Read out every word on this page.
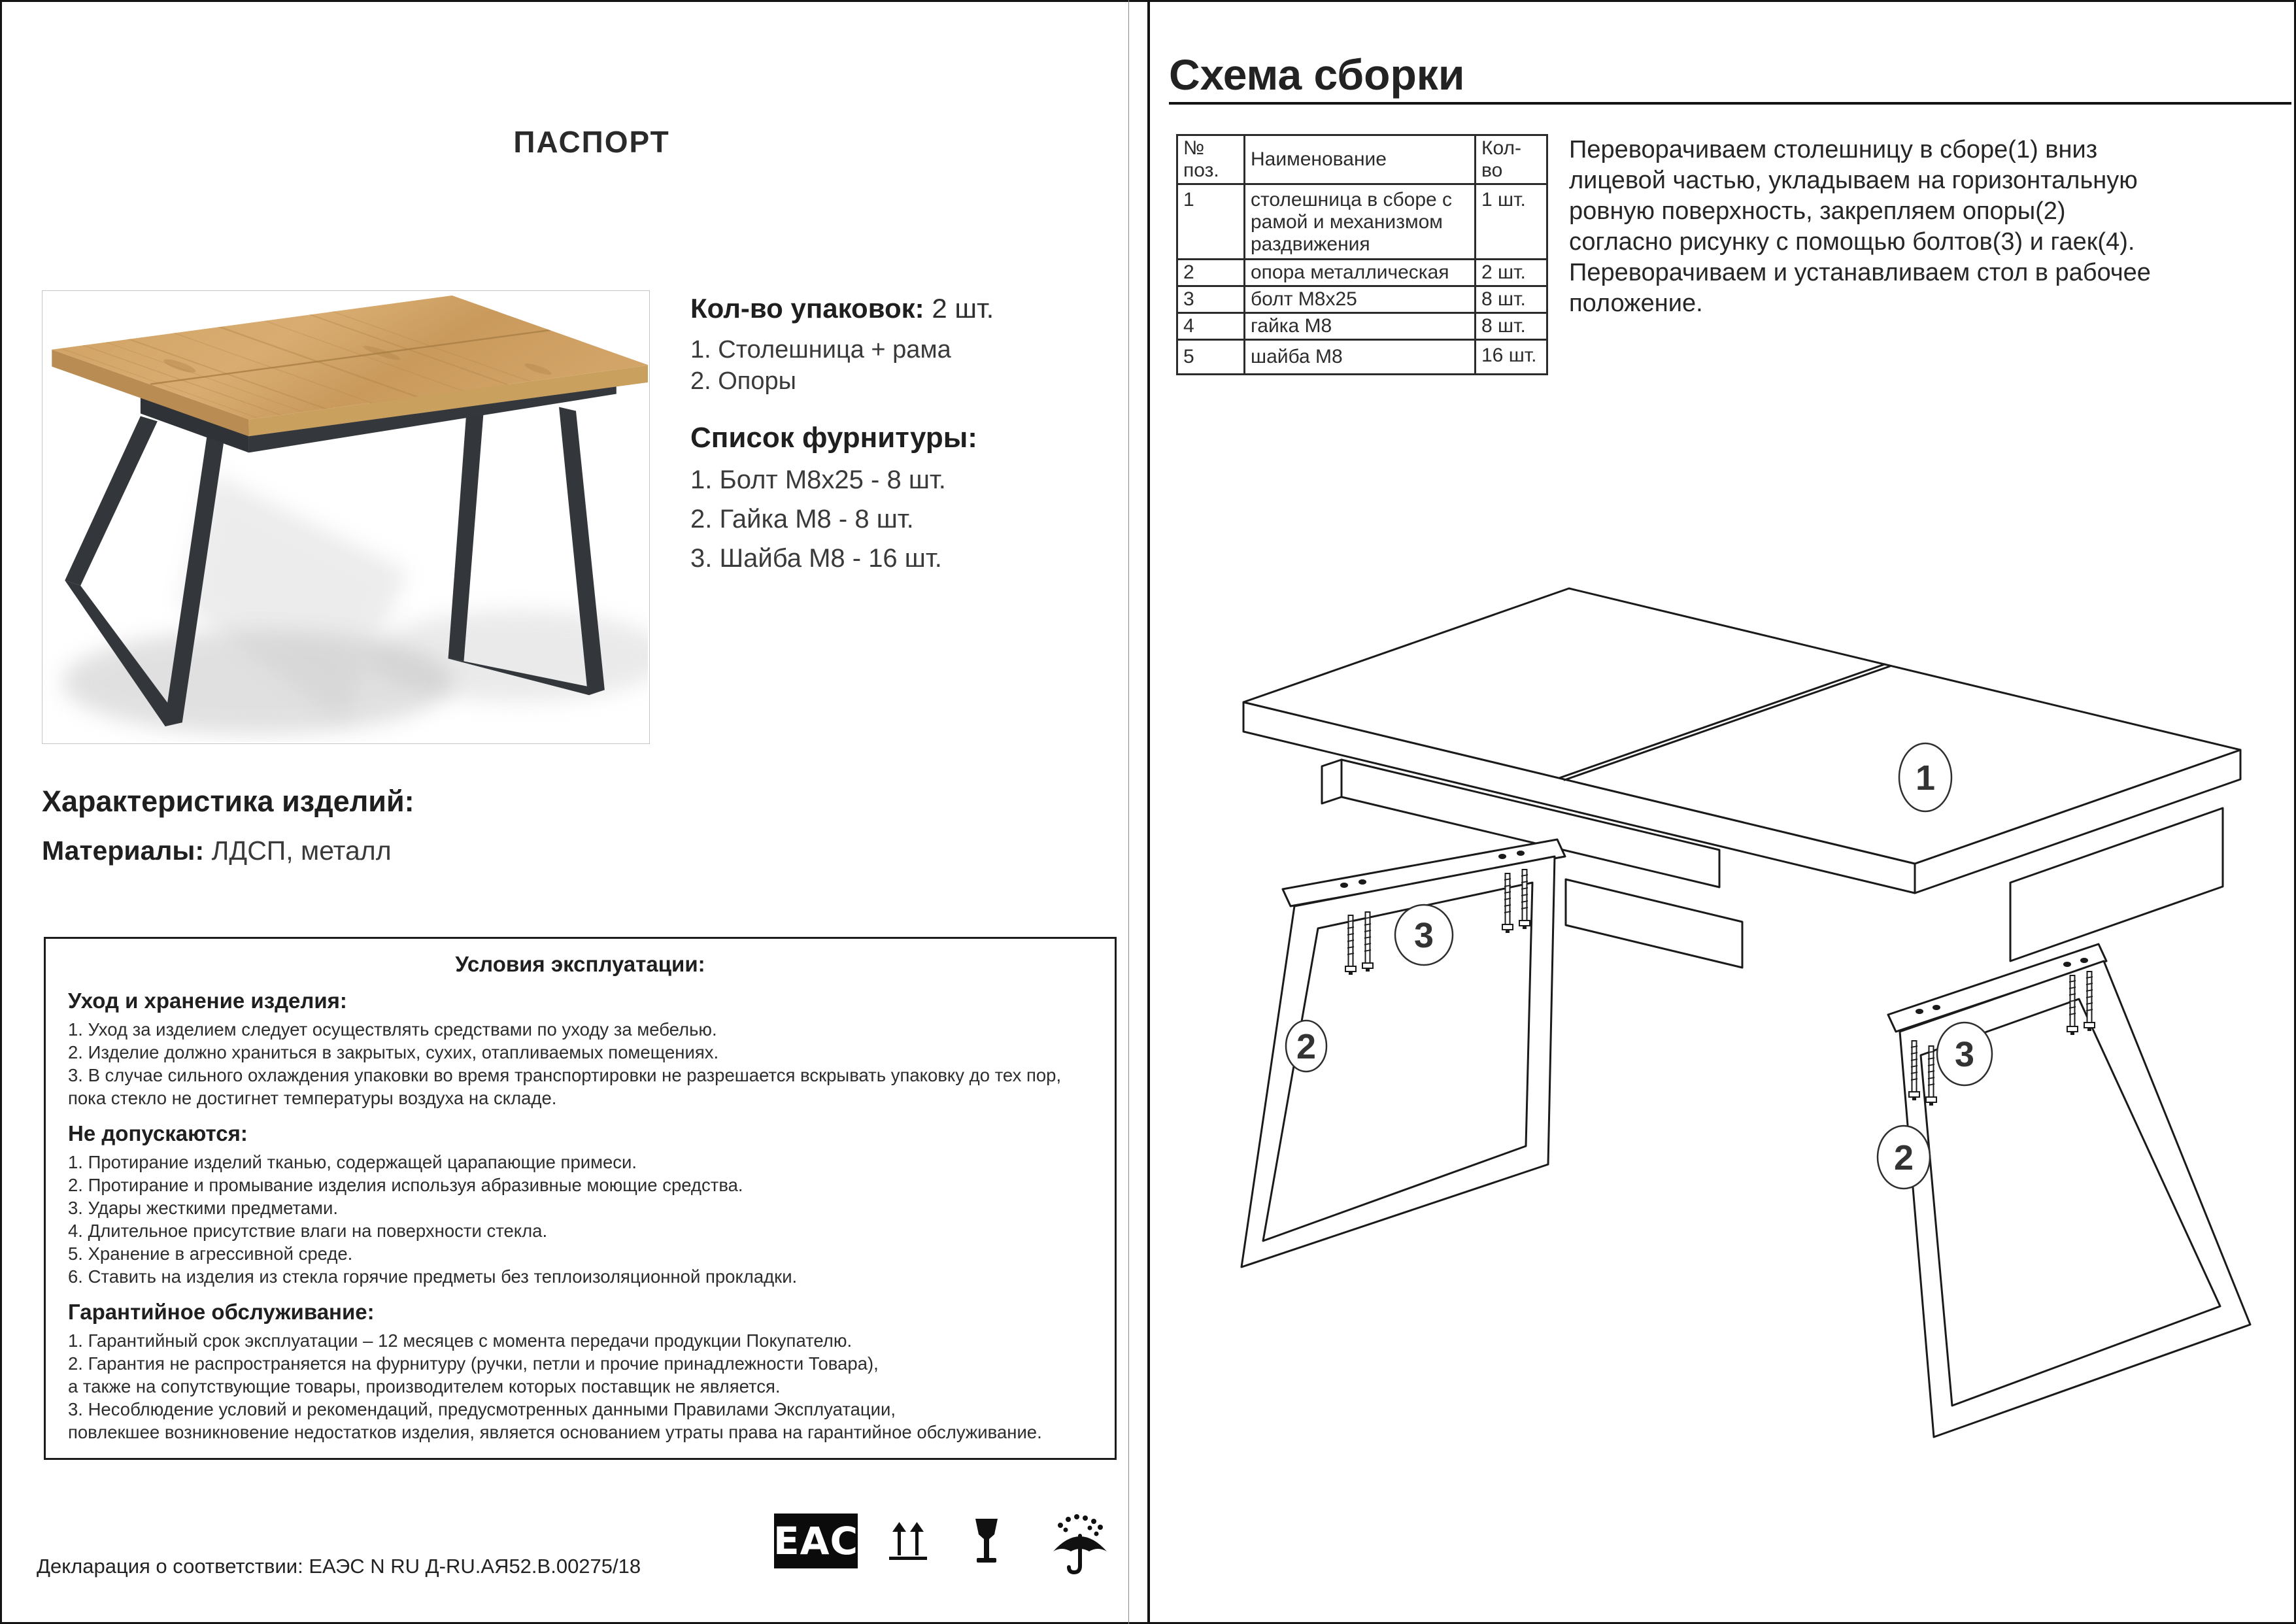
ПАСПОРТ
Кол-во упаковок: 2 шт.
1. Столешница + рама
2. Опоры
Список фурнитуры:
1. Болт М8х25 - 8 шт.
2. Гайка М8 - 8 шт.
3. Шайба М8 - 16 шт.
Характеристика изделий:
Материалы: ЛДСП, металл
Условия эксплуатации:
Уход и хранение изделия:
1. Уход за изделием следует осуществлять средствами по уходу за мебелью.
2. Изделие должно храниться в закрытых, сухих, отапливаемых помещениях.
3. В случае сильного охлаждения упаковки во время транспортировки не разрешается вскрывать упаковку до тех пор,
пока стекло не достигнет температуры воздуха на складе.
Не допускаются:
1. Протирание изделий тканью, содержащей царапающие примеси.
2. Протирание и промывание изделия используя абразивные моющие средства.
3. Удары жесткими предметами.
4. Длительное присутствие влаги на поверхности стекла.
5. Хранение в агрессивной среде.
6. Ставить на изделия из стекла горячие предметы без теплоизоляционной прокладки.
Гарантийное обслуживание:
1. Гарантийный срок эксплуатации – 12 месяцев с момента передачи продукции Покупателю.
2. Гарантия не распространяется на фурнитуру (ручки, петли и прочие принадлежности Товара),
а также на сопутствующие товары, производителем которых поставщик не является.
3. Несоблюдение условий и рекомендаций, предусмотренных данными Правилами Эксплуатации,
повлекшее возникновение недостатков изделия, является основанием утраты права на гарантийное обслуживание.
Декларация о соответствии: ЕАЭС N RU Д-RU.АЯ52.В.00275/18
ЕАС
Схема сборки
№ поз.	Наименование	Кол-во
1	столешница в сборе с рамой и механизмом раздвижения	1 шт.
2	опора металлическая	2 шт.
3	болт М8х25	8 шт.
4	гайка М8	8 шт.
5	шайба М8	16 шт.
Переворачиваем столешницу в сборе(1) вниз
лицевой частью, укладываем на горизонтальную
ровную поверхность, закрепляем опоры(2)
согласно рисунку с помощью болтов(3) и гаек(4).
Переворачиваем и устанавливаем стол в рабочее
положение.
1
3
2	3
2
